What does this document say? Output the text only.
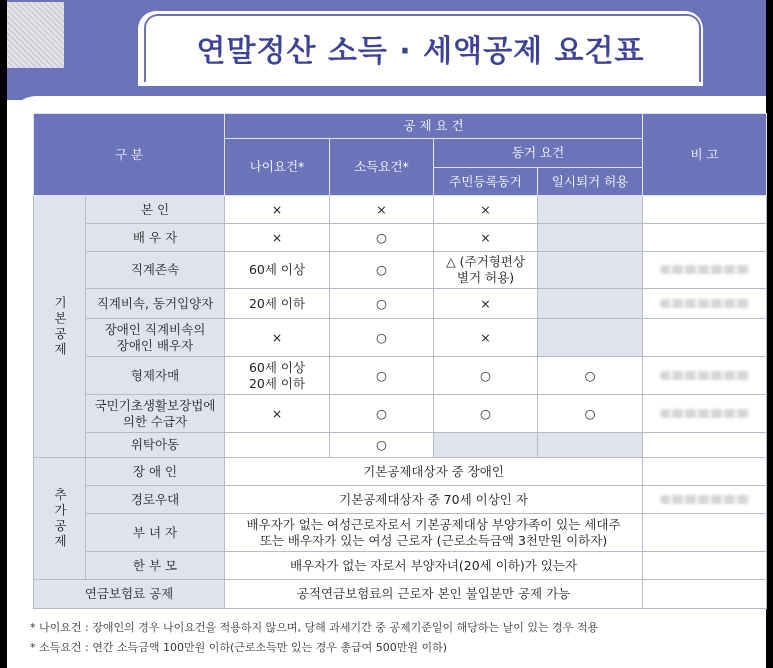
연말정산 소득 · 세액공제 요건표
구 분		공 제 요 건				비 고
		나이요건*	소득요건*	동거 요건		
				주민등록동거	일시퇴거 허용	
기본공제	본 인	×	×	×		
	배 우 자	×	○	×		
	직계존속	60세 이상	○	△ (주거형편상
별거 허용)		
	직계비속, 동거입양자	20세 이하	○	×		
	장애인 직계비속의
장애인 배우자	×	○	×		
	형제자매	60세 이상
20세 이하	○	○	○	
	국민기초생활보장법에
의한 수급자	×	○	○	○	
	위탁아동		○			
추가공제	장 애 인	기본공제대상자 중 장애인				
	경로우대	기본공제대상자 중 70세 이상인 자				
	부 녀 자	배우자가 없는 여성근로자로서 기본공제대상 부양가족이 있는 세대주
또는 배우자가 있는 여성 근로자 (근로소득금액 3천만원 이하자)				
	한 부 모	배우자가 없는 자로서 부양자녀(20세 이하)가 있는자				
연금보험료 공제		공적연금보험료의 근로자 본인 불입분만 공제 가능				
* 나이요건 : 장애인의 경우 나이요건을 적용하지 않으며, 당해 과세기간 중 공제기준일이 해당하는 날이 있는 경우 적용
* 소득요건 : 연간 소득금액 100만원 이하(근로소득만 있는 경우 총급여 500만원 이하)
